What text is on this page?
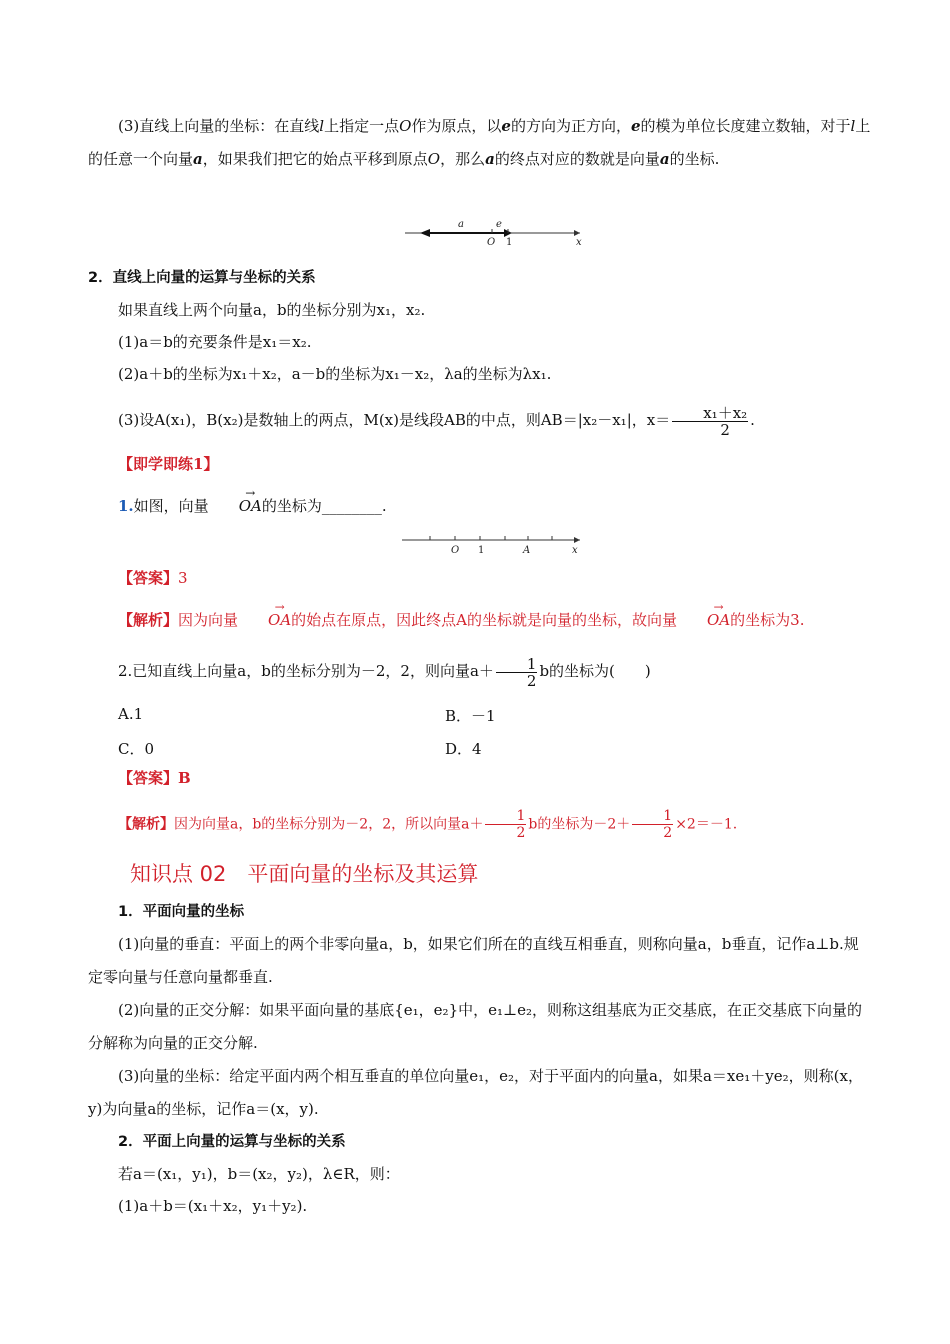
(3)直线上向量的坐标：在直线l上指定一点O作为原点，以e的方向为正方向，e的模为单位长度建立数轴，对于l上的任意一个向量a，如果我们把它的始点平移到原点O，那么a的终点对应的数就是向量a的坐标.

a	e
O 1	x

2．直线上向量的运算与坐标的关系

如果直线上两个向量a，b的坐标分别为x₁，x₂.

(1)a＝b的充要条件是x₁＝x₂.

(2)a＋b的坐标为x₁＋x₂，a－b的坐标为x₁－x₂，λa的坐标为λx₁.

(3)设A(x₁)，B(x₂)是数轴上的两点，M(x)是线段AB的中点，则AB＝|x₂－x₁|，$x= \frac{\text{x₁＋x₂}}{2}$ .

【即学即练1】

1.如图，向量 → OA的坐标为________.

O 1	A	x

【答案】3

【解析】因为向量 → OA的始点在原点，因此终点A的坐标就是向量的坐标，故向量 → OA的坐标为3.

2.已知直线上向量a，b的坐标分别为－2，2，则向量$a+ \frac{1}{2}$ b的坐标为(　　)

A.1	B．－1
C．0	D．4

【答案】B

【解析】因为向量a，b的坐标分别为－2，2，所以向量$a+ \frac{1}{2}$ b的坐标为$-2+ \frac{1}{2} \times 2=-1$.

知识点 02　平面向量的坐标及其运算

1．平面向量的坐标

(1)向量的垂直：平面上的两个非零向量a，b，如果它们所在的直线互相垂直，则称向量a，b垂直，记作a⊥b.规定零向量与任意向量都垂直.

(2)向量的正交分解：如果平面向量的基底{e₁，e₂}中，e₁⊥e₂，则称这组基底为正交基底，在正交基底下向量的分解称为向量的正交分解.

(3)向量的坐标：给定平面内两个相互垂直的单位向量e₁，e₂，对于平面内的向量a，如果a＝xe₁＋ye₂，则称(x，y)为向量a的坐标，记作a＝(x，y).

2．平面上向量的运算与坐标的关系

若a＝(x₁，y₁)，b＝(x₂，y₂)，λ∈R，则：

(1)a＋b＝(x₁＋x₂，y₁＋y₂).
